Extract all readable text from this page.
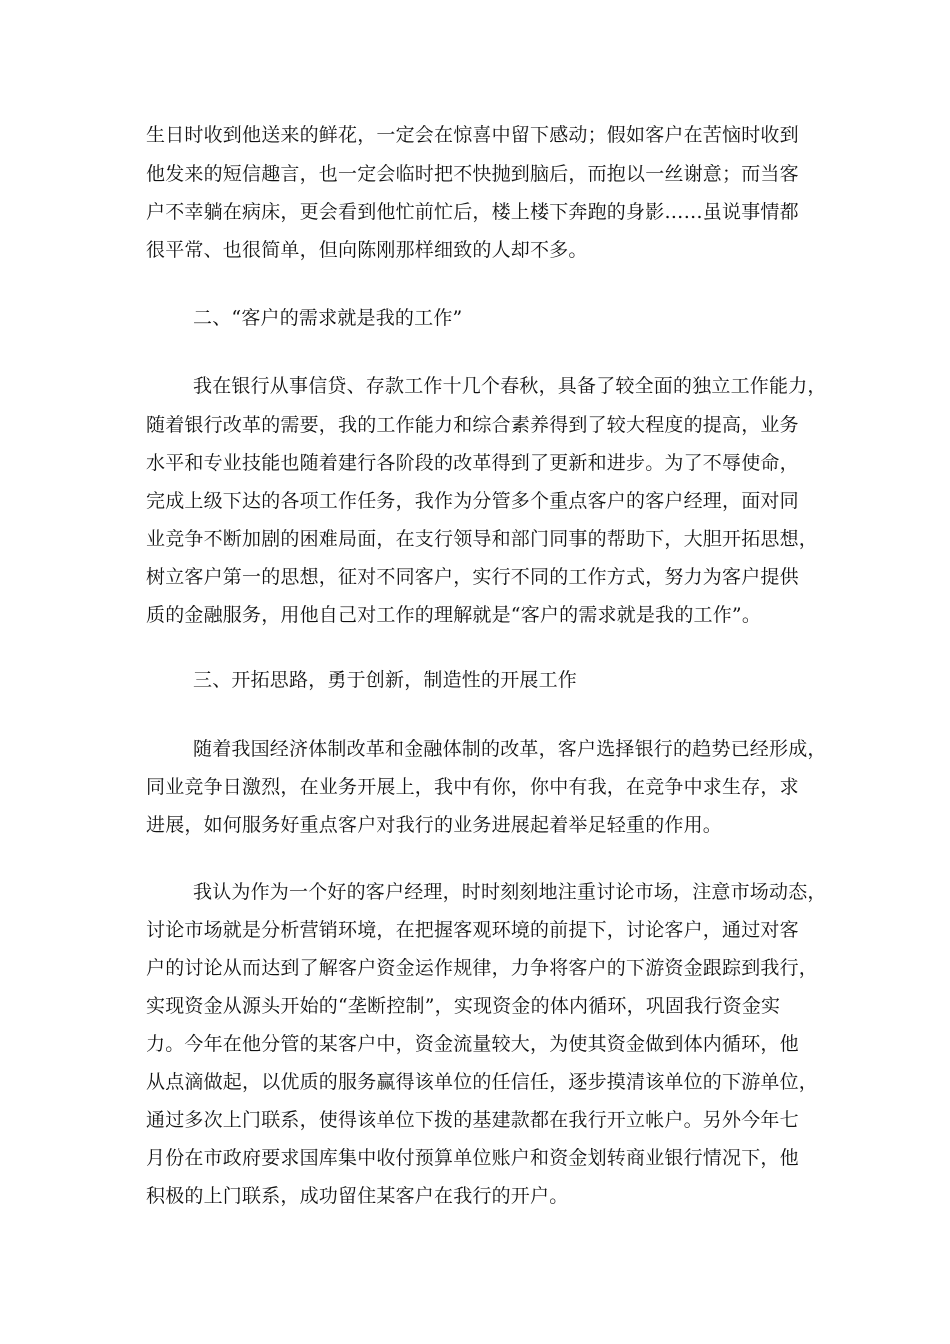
生日时收到他送来的鲜花，一定会在惊喜中留下感动；假如客户在苦恼时收到
他发来的短信趣言，也一定会临时把不快抛到脑后，而抱以一丝谢意；而当客
户不幸躺在病床，更会看到他忙前忙后，楼上楼下奔跑的身影……虽说事情都
很平常、也很简单，但向陈刚那样细致的人却不多。
二、“客户的需求就是我的工作”
我在银行从事信贷、存款工作十几个春秋，具备了较全面的独立工作能力，
随着银行改革的需要，我的工作能力和综合素养得到了较大程度的提高，业务
水平和专业技能也随着建行各阶段的改革得到了更新和进步。为了不辱使命，
完成上级下达的各项工作任务，我作为分管多个重点客户的客户经理，面对同
业竞争不断加剧的困难局面，在支行领导和部门同事的帮助下，大胆开拓思想，
树立客户第一的思想，征对不同客户，实行不同的工作方式，努力为客户提供
质的金融服务，用他自己对工作的理解就是“客户的需求就是我的工作”。
三、开拓思路，勇于创新，制造性的开展工作
随着我国经济体制改革和金融体制的改革，客户选择银行的趋势已经形成，
同业竞争日激烈，在业务开展上，我中有你，你中有我，在竞争中求生存，求
进展，如何服务好重点客户对我行的业务进展起着举足轻重的作用。
我认为作为一个好的客户经理，时时刻刻地注重讨论市场，注意市场动态，
讨论市场就是分析营销环境，在把握客观环境的前提下，讨论客户，通过对客
户的讨论从而达到了解客户资金运作规律，力争将客户的下游资金跟踪到我行，
实现资金从源头开始的“垄断控制”，实现资金的体内循环，巩固我行资金实
力。今年在他分管的某客户中，资金流量较大，为使其资金做到体内循环，他
从点滴做起，以优质的服务赢得该单位的任信任，逐步摸清该单位的下游单位，
通过多次上门联系，使得该单位下拨的基建款都在我行开立帐户。另外今年七
月份在市政府要求国库集中收付预算单位账户和资金划转商业银行情况下，他
积极的上门联系，成功留住某客户在我行的开户。
